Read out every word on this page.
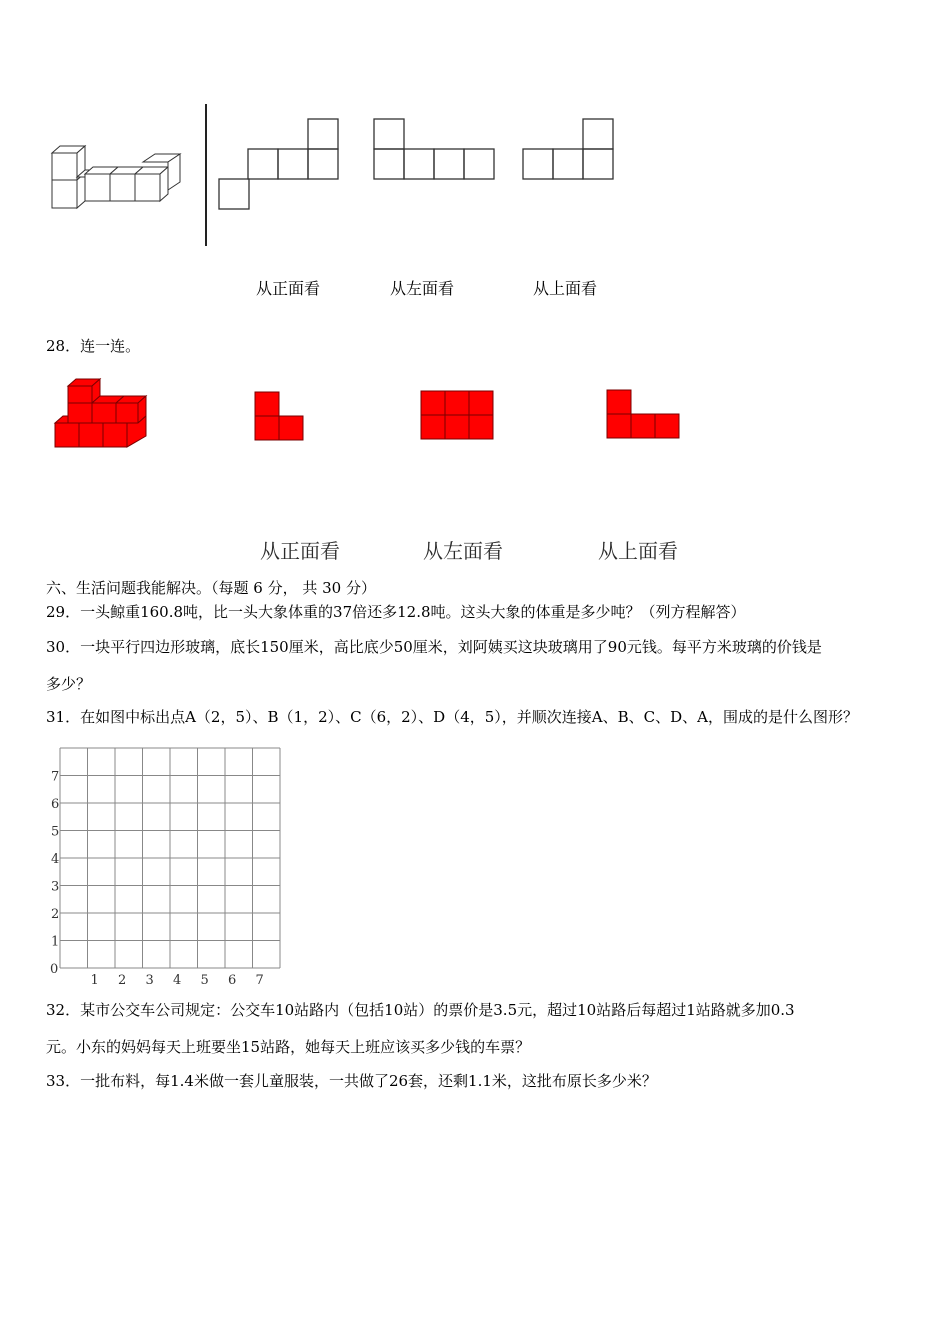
从正面看	从左面看	从上面看
28．连一连。
从正面看	从左面看	从上面看
六、生活问题我能解决。（每题 6 分， 共 30 分）
29．一头鲸重160.8吨，比一头大象体重的37倍还多12.8吨。这头大象的体重是多少吨？（列方程解答）
30．一块平行四边形玻璃，底长150厘米，高比底少50厘米，刘阿姨买这块玻璃用了90元钱。每平方米玻璃的价钱是
多少？
31．在如图中标出点A（2，5）、B（1，2）、C（6，2）、D（4，5），并顺次连接A、B、C、D、A，围成的是什么图形？
0
1 2 3 4 5 6 7
1
2
3
4
5
6
7
32．某市公交车公司规定：公交车10站路内（包括10站）的票价是3.5元，超过10站路后每超过1站路就多加0.3
元。小东的妈妈每天上班要坐15站路，她每天上班应该买多少钱的车票？
33．一批布料，每1.4米做一套儿童服装，一共做了26套，还剩1.1米，这批布原长多少米？
